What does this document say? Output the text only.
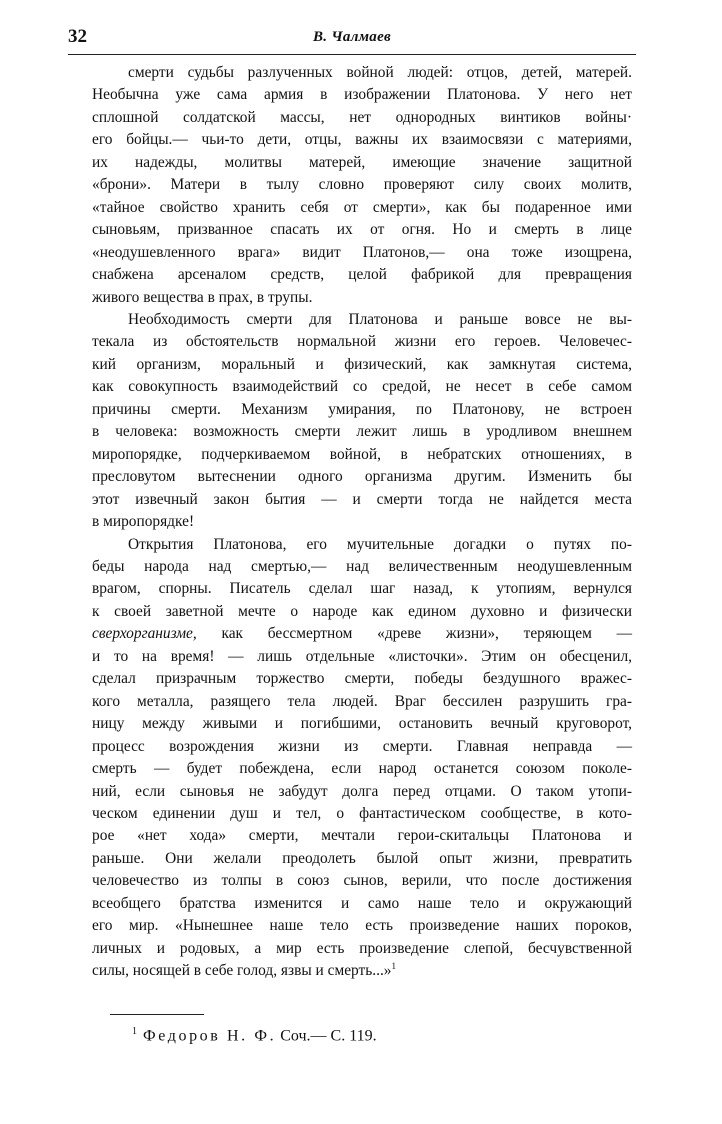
32	В. Чалмаев

смерти судьбы разлученных войной людей: отцов, детей, матерей.
Необычна уже сама армия в изображении Платонова. У него нет
сплошной солдатской массы, нет однородных винтиков войны·
его бойцы.— чьи-то дети, отцы, важны их взаимосвязи с материями,
их надежды, молитвы матерей, имеющие значение защитной
«брони». Матери в тылу словно проверяют силу своих молитв,
«тайное свойство хранить себя от смерти», как бы подаренное ими
сыновьям, призванное спасать их от огня. Но и смерть в лице
«неодушевленного врага» видит Платонов,— она тоже изощрена,
снабжена арсеналом средств, целой фабрикой для превращения
живого вещества в прах, в трупы.

Необходимость смерти для Платонова и раньше вовсе не вы-
текала из обстоятельств нормальной жизни его героев. Человечес-
кий организм, моральный и физический, как замкнутая система,
как совокупность взаимодействий со средой, не несет в себе самом
причины смерти. Механизм умирания, по Платонову, не встроен
в человека: возможность смерти лежит лишь в уродливом внешнем
миропорядке, подчеркиваемом войной, в небратских отношениях, в
пресловутом вытеснении одного организма другим. Изменить бы
этот извечный закон бытия — и смерти тогда не найдется места
в миропорядке!

Открытия Платонова, его мучительные догадки о путях по-
беды народа над смертью,— над величественным неодушевленным
врагом, спорны. Писатель сделал шаг назад, к утопиям, вернулся
к своей заветной мечте о народе как едином духовно и физически
сверхорганизме, как бессмертном «древе жизни», теряющем —
и то на время! — лишь отдельные «листочки». Этим он обесценил,
сделал призрачным торжество смерти, победы бездушного вражес-
кого металла, разящего тела людей. Враг бессилен разрушить гра-
ницу между живыми и погибшими, остановить вечный круговорот,
процесс возрождения жизни из смерти. Главная неправда —
смерть — будет побеждена, если народ останется союзом поколе-
ний, если сыновья не забудут долга перед отцами. О таком утопи-
ческом единении душ и тел, о фантастическом сообществе, в кото-
рое «нет хода» смерти, мечтали герои-скитальцы Платонова и
раньше. Они желали преодолеть былой опыт жизни, превратить
человечество из толпы в союз сынов, верили, что после достижения
всеобщего братства изменится и само наше тело и окружающий
его мир. «Нынешнее наше тело есть произведение наших пороков,
личных и родовых, а мир есть произведение слепой, бесчувственной
силы, носящей в себе голод, язвы и смерть...»$^1$

$^1$ Федоров Н. Ф. Соч.— С. 119.
